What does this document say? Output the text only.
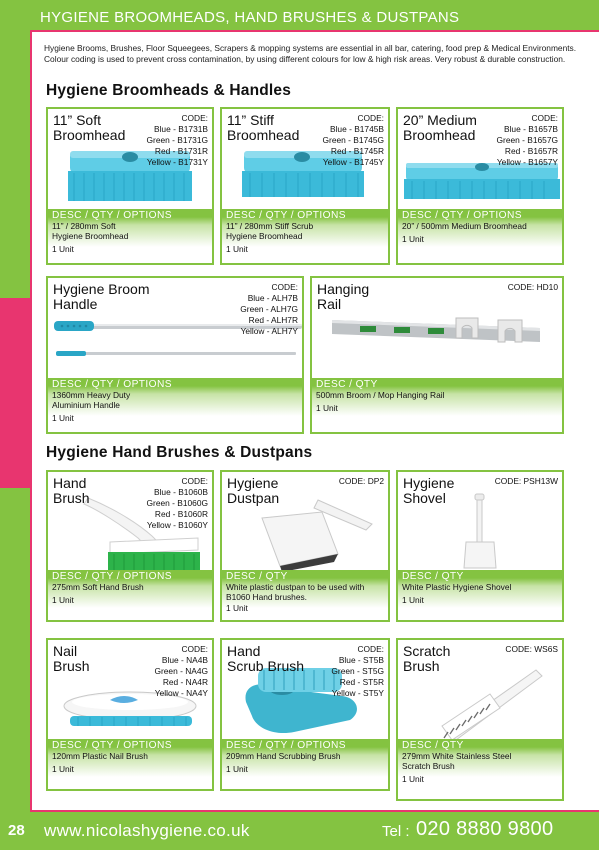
HYGIENE BROOMHEADS, HAND BRUSHES & DUSTPANS
Hygiene Brooms, Brushes, Floor Squeegees, Scrapers & mopping systems are essential in all bar, catering, food prep & Medical Environments. Colour coding is used to prevent cross contamination, by using different colours for low & high risk areas. Very robust & durable construction.
Hygiene Broomheads & Handles
Hygiene Hand Brushes & Dustpans
11” Soft
Broomhead
CODE:
Blue - B1731B
Green - B1731G
Red - B1731R
Yellow - B1731Y
DESC / QTY / OPTIONS
11” / 280mm Soft
Hygiene Broomhead
1 Unit
11” Stiff
Broomhead
CODE:
Blue - B1745B
Green - B1745G
Red - B1745R
Yellow - B1745Y
DESC / QTY / OPTIONS
11” / 280mm Stiff Scrub
Hygiene Broomhead
1 Unit
20” Medium
Broomhead
CODE:
Blue - B1657B
Green - B1657G
Red - B1657R
Yellow - B1657Y
DESC / QTY / OPTIONS
20” / 500mm Medium Broomhead
1 Unit
Hygiene Broom
Handle
CODE:
Blue - ALH7B
Green - ALH7G
Red - ALH7R
Yellow - ALH7Y
DESC / QTY / OPTIONS
1360mm Heavy Duty
Aluminium Handle
1 Unit
Hanging
Rail
CODE: HD10
DESC / QTY
500mm Broom / Mop Hanging Rail
1 Unit
Hand
Brush
CODE:
Blue - B1060B
Green - B1060G
Red - B1060R
Yellow - B1060Y
DESC / QTY / OPTIONS
275mm Soft Hand Brush
1 Unit
Hygiene
Dustpan
CODE: DP2
DESC / QTY
White plastic dustpan to be used with B1060 Hand brushes.
1 Unit
Hygiene
Shovel
CODE: PSH13W
DESC / QTY
White Plastic Hygiene Shovel
1 Unit
Nail
Brush
CODE:
Blue - NA4B
Green - NA4G
Red - NA4R
Yellow - NA4Y
DESC / QTY / OPTIONS
120mm Plastic Nail Brush
1 Unit
Hand
Scrub Brush
CODE:
Blue - ST5B
Green - ST5G
Red - ST5R
Yellow - ST5Y
DESC / QTY / OPTIONS
209mm Hand Scrubbing Brush
1 Unit
Scratch
Brush
CODE: WS6S
DESC / QTY
279mm White Stainless Steel
Scratch Brush
1 Unit
28 www.nicolashygiene.co.uk	Tel : 020 8880 9800
